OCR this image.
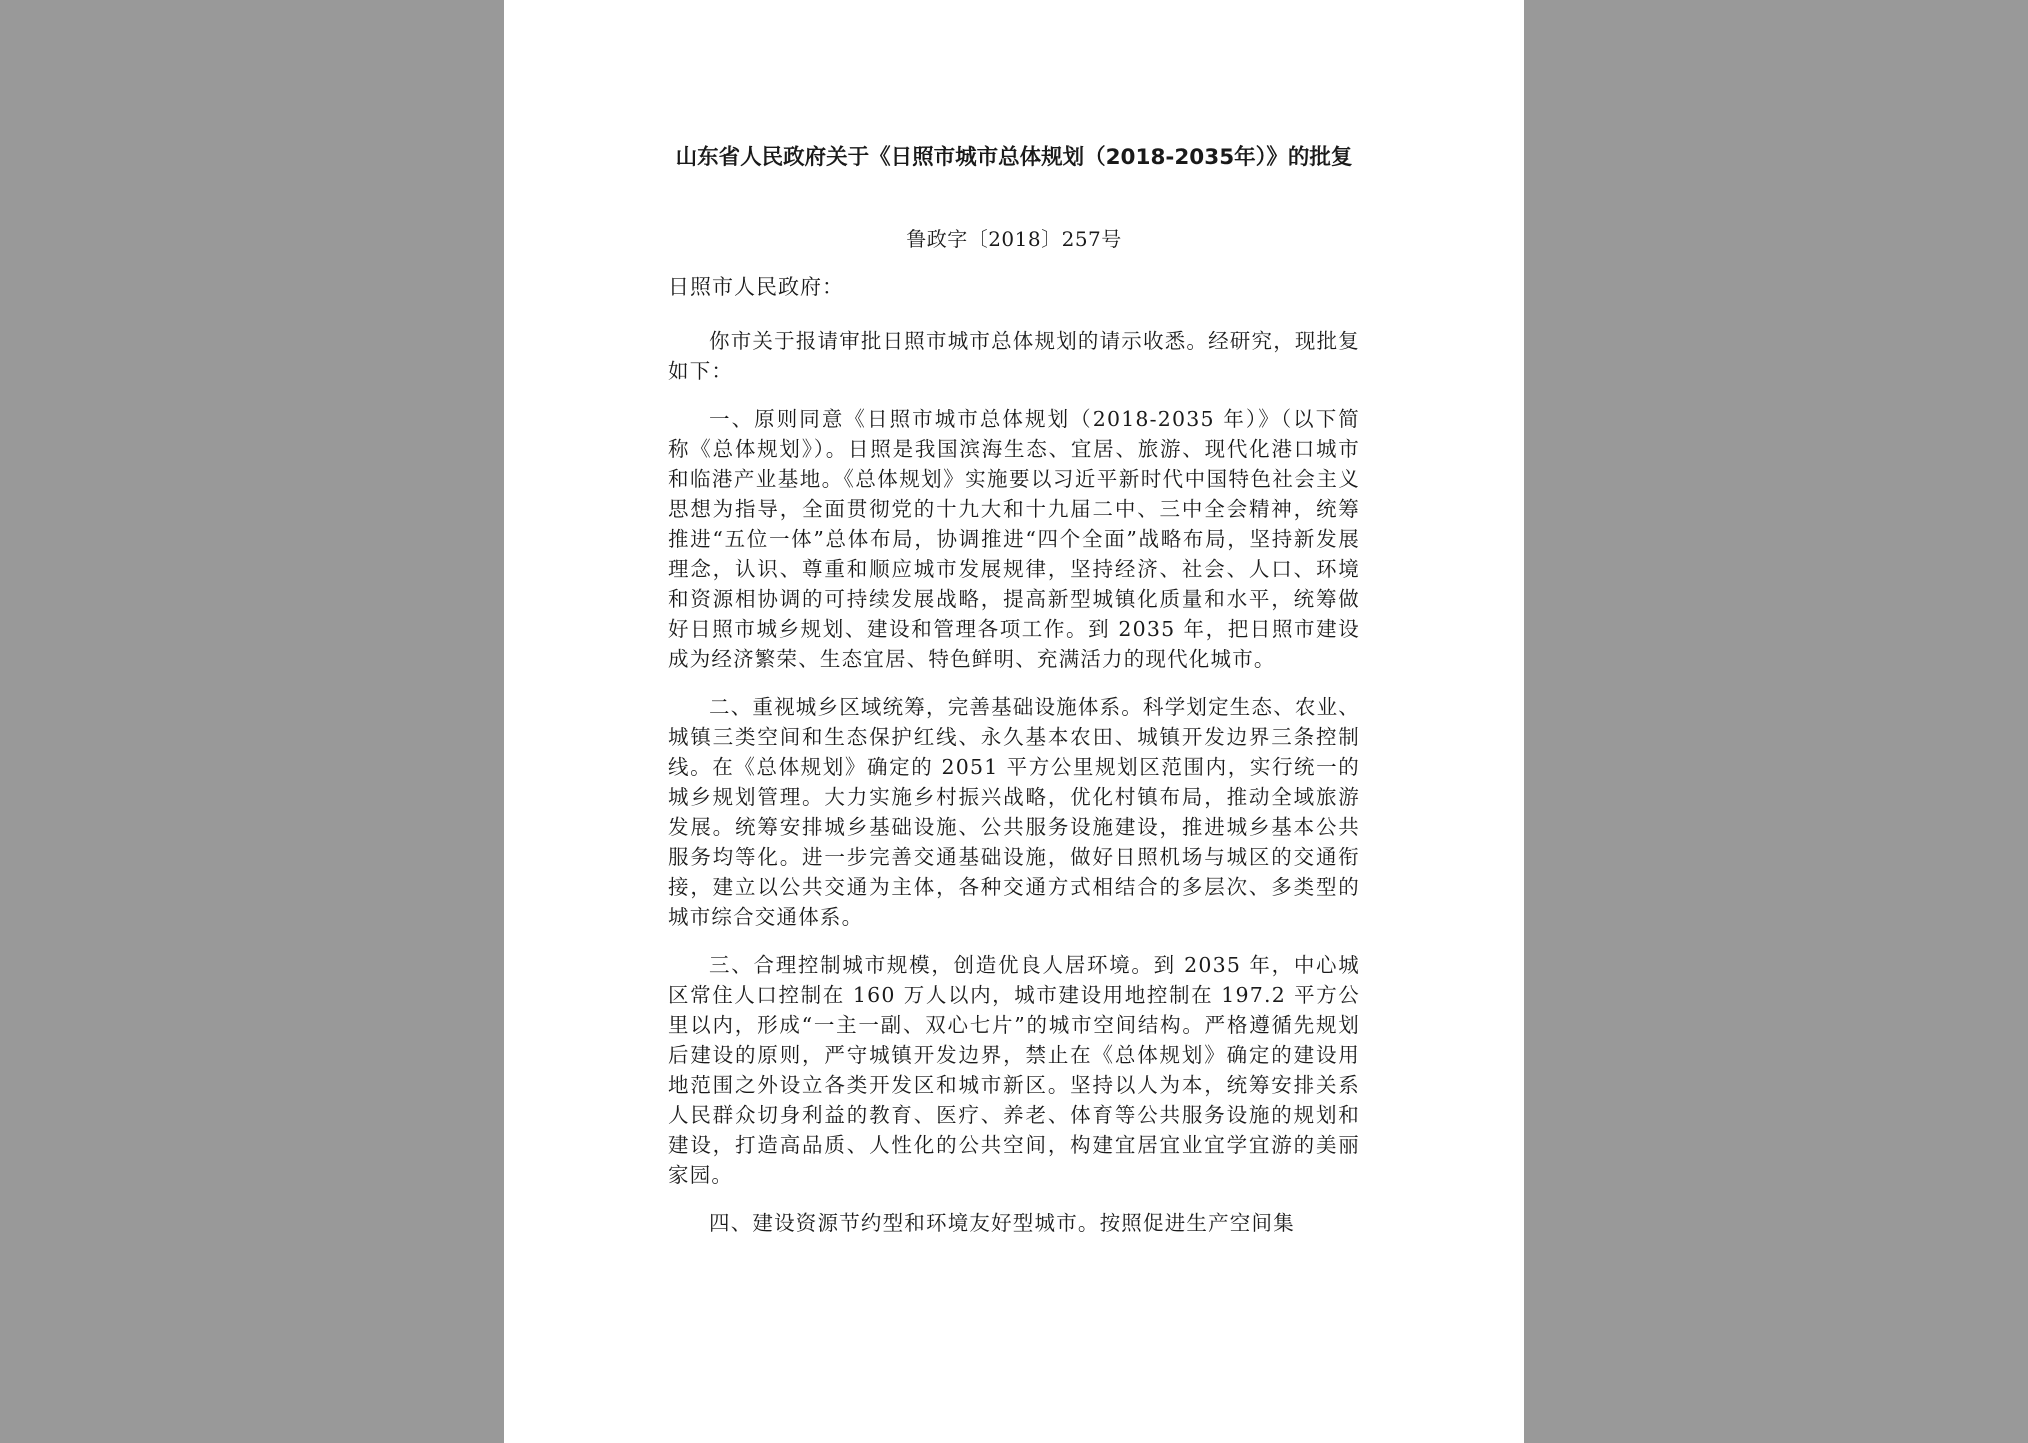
山东省人民政府关于《日照市城市总体规划（2018-2035年）》的批复
鲁政字〔2018〕257号
日照市人民政府：

你市关于报请审批日照市城市总体规划的请示收悉。经研究，现批复如下：

一、原则同意《日照市城市总体规划（2018-2035 年）》（以下简称《总体规划》）。日照是我国滨海生态、宜居、旅游、现代化港口城市和临港产业基地。《总体规划》实施要以习近平新时代中国特色社会主义思想为指导，全面贯彻党的十九大和十九届二中、三中全会精神，统筹推进“五位一体”总体布局，协调推进“四个全面”战略布局，坚持新发展理念，认识、尊重和顺应城市发展规律，坚持经济、社会、人口、环境和资源相协调的可持续发展战略，提高新型城镇化质量和水平，统筹做好日照市城乡规划、建设和管理各项工作。到 2035 年，把日照市建设成为经济繁荣、生态宜居、特色鲜明、充满活力的现代化城市。

二、重视城乡区域统筹，完善基础设施体系。科学划定生态、农业、城镇三类空间和生态保护红线、永久基本农田、城镇开发边界三条控制线。在《总体规划》确定的 2051 平方公里规划区范围内，实行统一的城乡规划管理。大力实施乡村振兴战略，优化村镇布局，推动全域旅游发展。统筹安排城乡基础设施、公共服务设施建设，推进城乡基本公共服务均等化。进一步完善交通基础设施，做好日照机场与城区的交通衔接，建立以公共交通为主体，各种交通方式相结合的多层次、多类型的城市综合交通体系。

三、合理控制城市规模，创造优良人居环境。到 2035 年，中心城区常住人口控制在 160 万人以内，城市建设用地控制在 197.2 平方公里以内，形成“一主一副、双心七片”的城市空间结构。严格遵循先规划后建设的原则，严守城镇开发边界，禁止在《总体规划》确定的建设用地范围之外设立各类开发区和城市新区。坚持以人为本，统筹安排关系人民群众切身利益的教育、医疗、养老、体育等公共服务设施的规划和建设，打造高品质、人性化的公共空间，构建宜居宜业宜学宜游的美丽家园。

四、建设资源节约型和环境友好型城市。按照促进生产空间集
